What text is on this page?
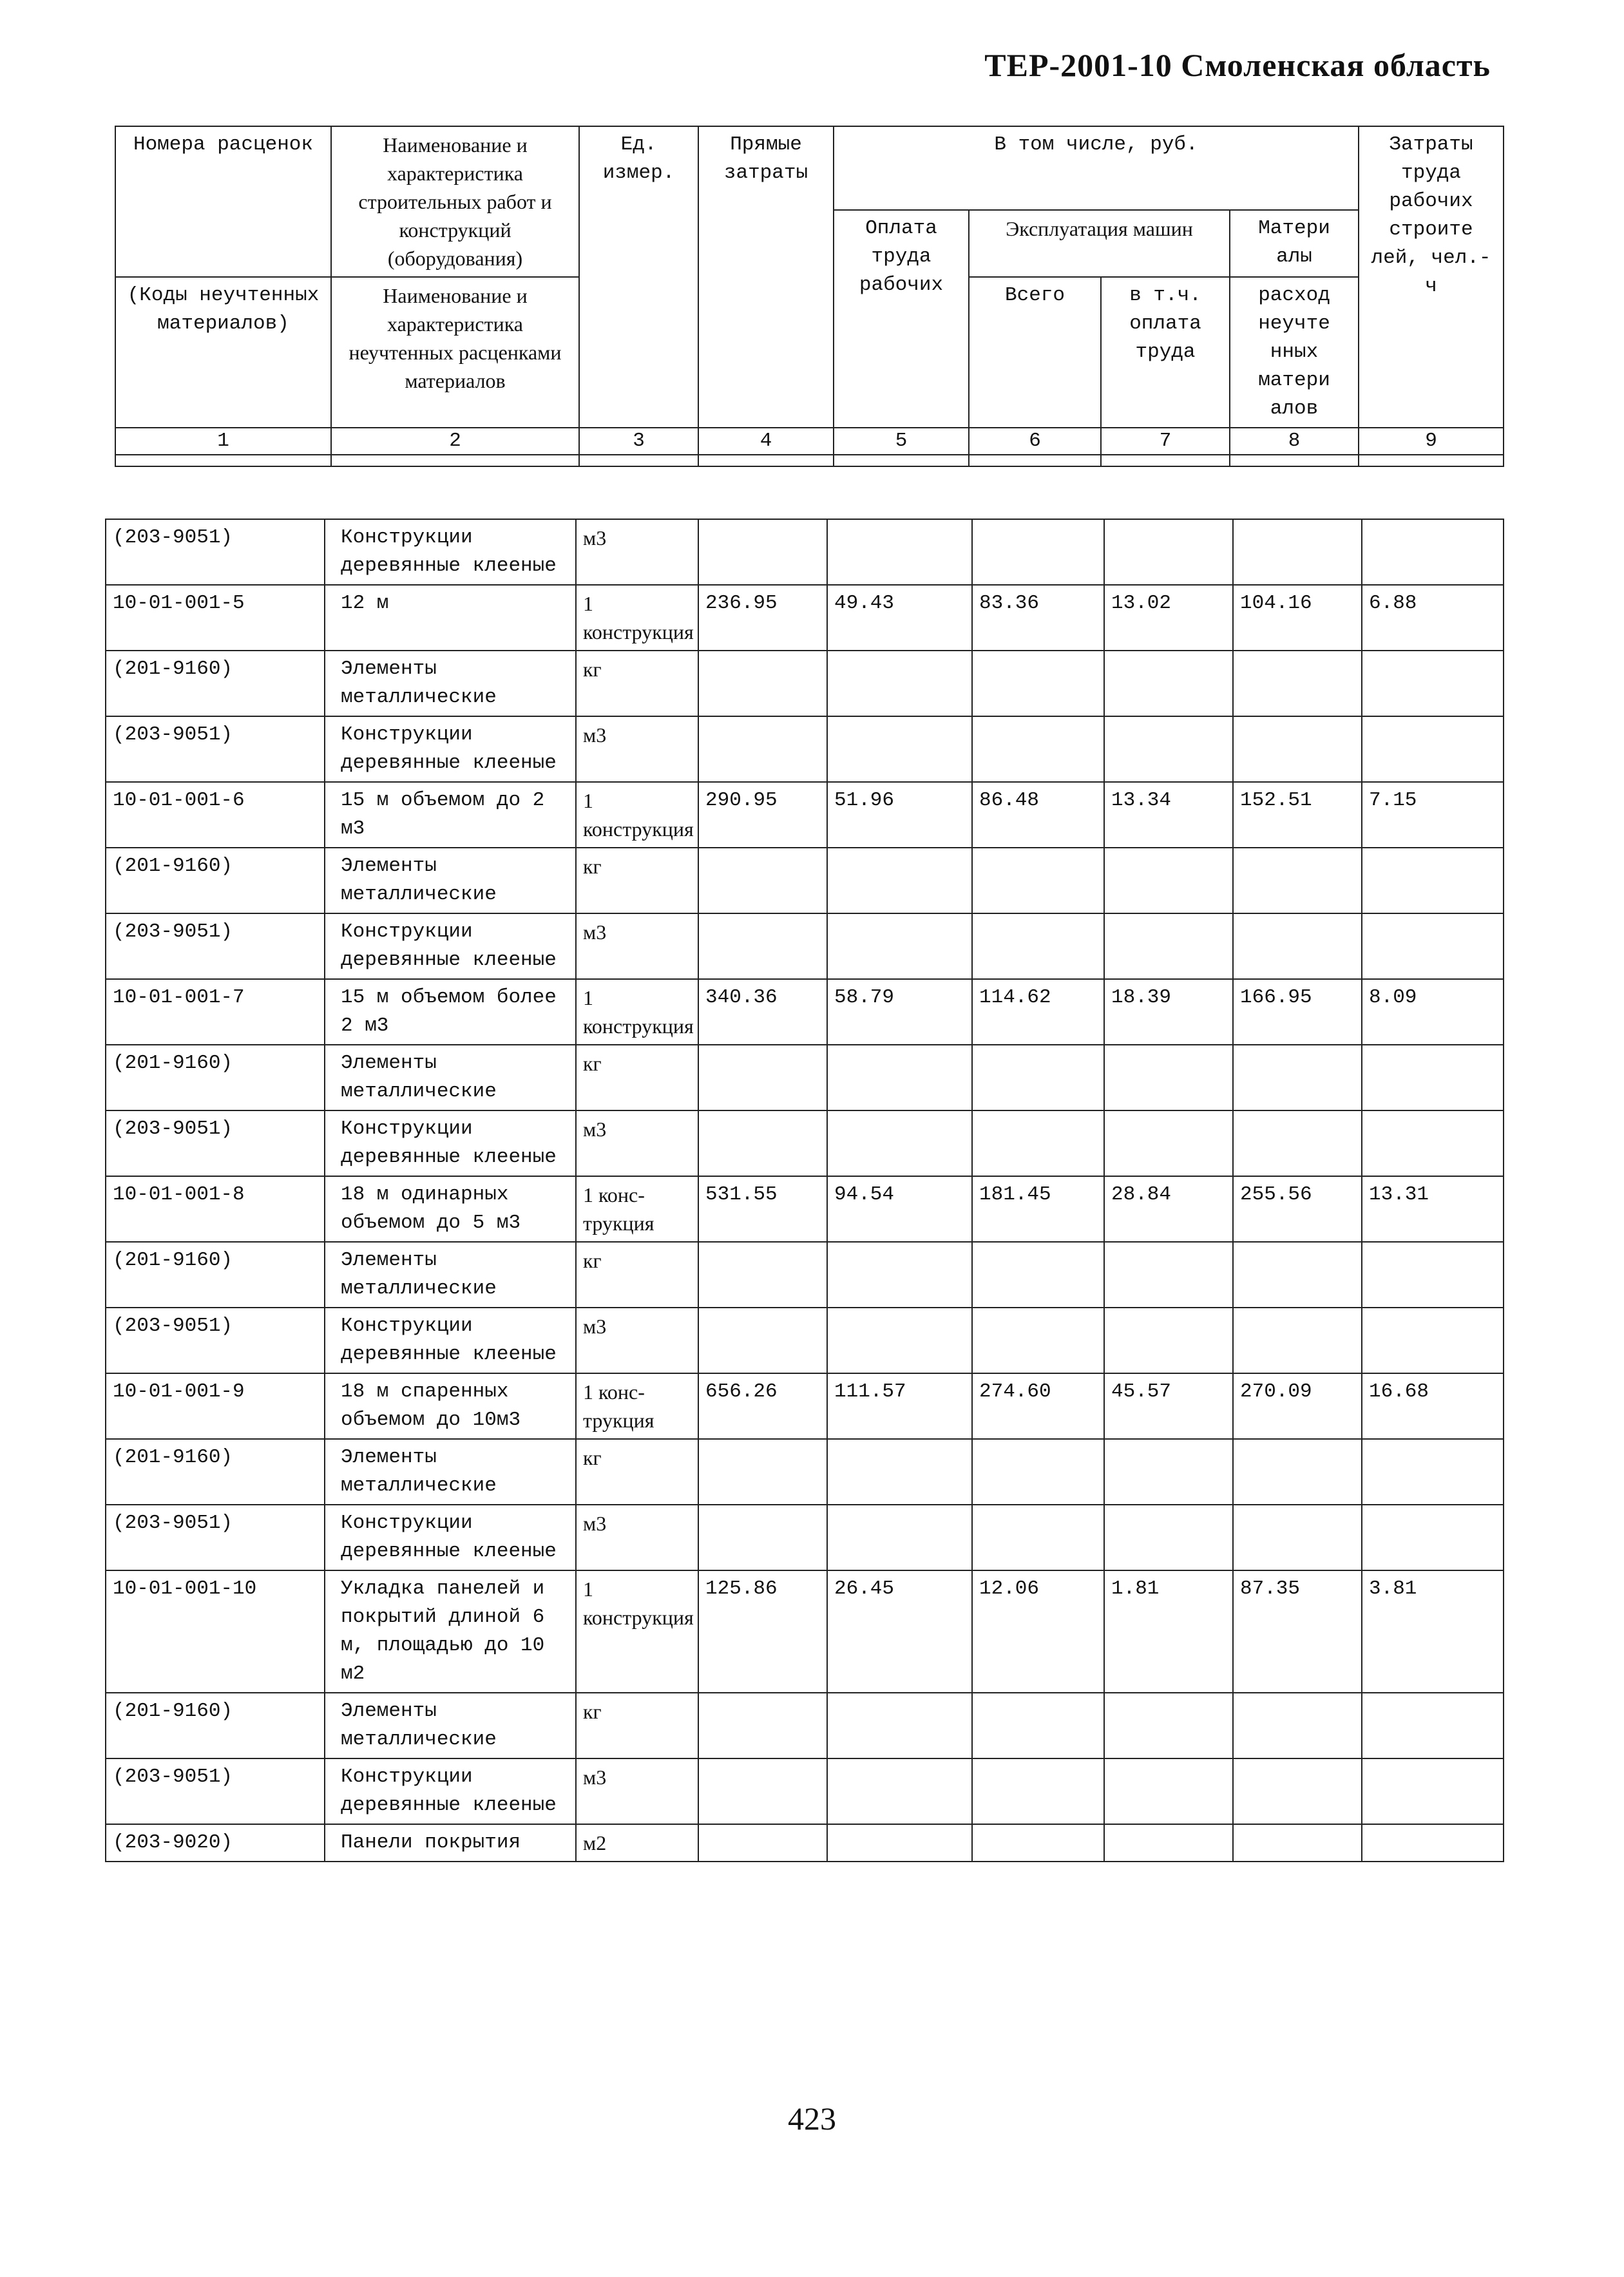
ТЕР-2001-10 Смоленская область
Номера расценок	Наименование и характеристика строительных работ и конструкций (оборудования)	Ед. измер.	Прямые затраты	В том числе, руб.				Затраты труда рабочих строите лей, чел.-ч
				Оплата труда рабочих	Эксплуатация машин		Матери алы	
(Коды неучтенных материалов)	Наименование и характеристика неучтенных расценками материалов				Всего	в т.ч. оплата труда	расход неучте нных матери алов	
1	2	3	4	5	6	7	8	9

(203-9051)	Конструкции деревянные клееные	м3						
10-01-001-5	12 м	1 конструкция	236.95	49.43	83.36	13.02	104.16	6.88
(201-9160)	Элементы металлические	кг						
(203-9051)	Конструкции деревянные клееные	м3						
10-01-001-6	15 м объемом до 2 м3	1 конструкция	290.95	51.96	86.48	13.34	152.51	7.15
(201-9160)	Элементы металлические	кг						
(203-9051)	Конструкции деревянные клееные	м3						
10-01-001-7	15 м объемом более 2 м3	1 конструкция	340.36	58.79	114.62	18.39	166.95	8.09
(201-9160)	Элементы металлические	кг						
(203-9051)	Конструкции деревянные клееные	м3						
10-01-001-8	18 м одинарных объемом до 5 м3	1 конс-трукция	531.55	94.54	181.45	28.84	255.56	13.31
(201-9160)	Элементы металлические	кг						
(203-9051)	Конструкции деревянные клееные	м3						
10-01-001-9	18 м спаренных объемом до 10м3	1 конс-трукция	656.26	111.57	274.60	45.57	270.09	16.68
(201-9160)	Элементы металлические	кг						
(203-9051)	Конструкции деревянные клееные	м3						
10-01-001-10	Укладка панелей и покрытий длиной 6 м, площадью до 10 м2	1 конструкция	125.86	26.45	12.06	1.81	87.35	3.81
(201-9160)	Элементы металлические	кг						
(203-9051)	Конструкции деревянные клееные	м3						
(203-9020)	Панели покрытия	м2						
423
